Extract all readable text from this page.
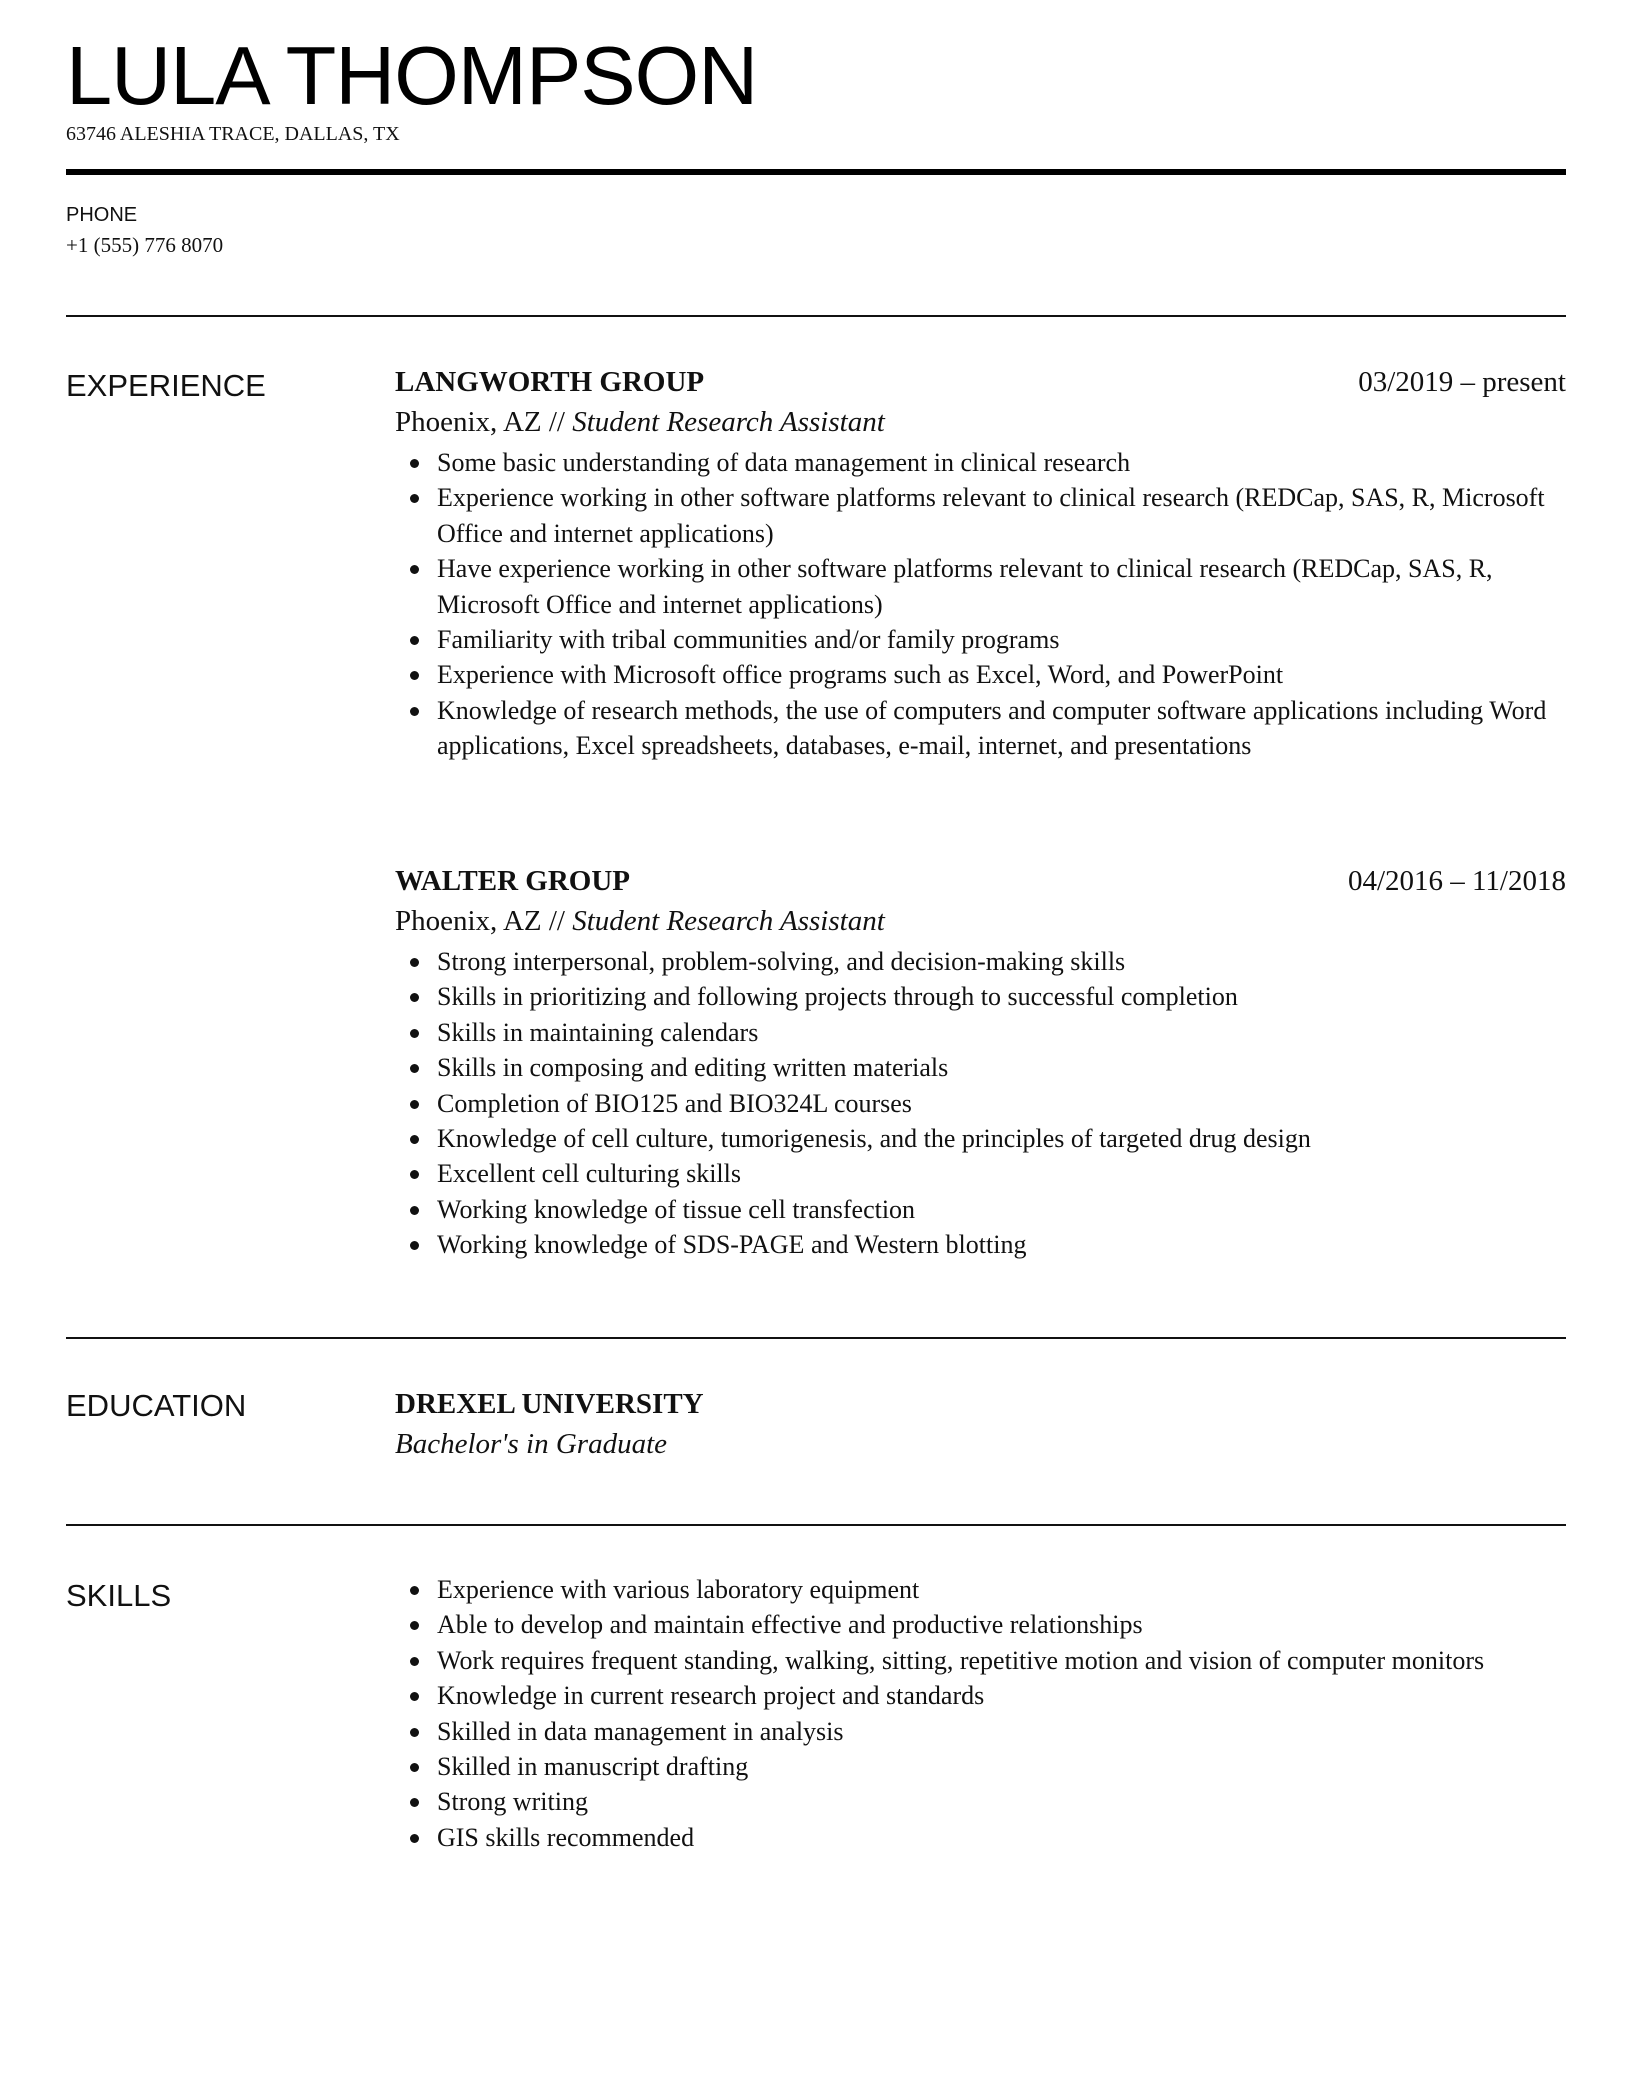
LULA THOMPSON
63746 ALESHIA TRACE, DALLAS, TX
PHONE
+1 (555) 776 8070
EXPERIENCE	LANGWORTH GROUP	03/2019 – present
Phoenix, AZ // Student Research Assistant
Some basic understanding of data management in clinical research
Experience working in other software platforms relevant to clinical research (REDCap, SAS, R, Microsoft Office and internet applications)
Have experience working in other software platforms relevant to clinical research (REDCap, SAS, R, Microsoft Office and internet applications)
Familiarity with tribal communities and/or family programs
Experience with Microsoft office programs such as Excel, Word, and PowerPoint
Knowledge of research methods, the use of computers and computer software applications including Word applications, Excel spreadsheets, databases, e-mail, internet, and presentations
WALTER GROUP	04/2016 – 11/2018
Phoenix, AZ // Student Research Assistant
Strong interpersonal, problem-solving, and decision-making skills
Skills in prioritizing and following projects through to successful completion
Skills in maintaining calendars
Skills in composing and editing written materials
Completion of BIO125 and BIO324L courses
Knowledge of cell culture, tumorigenesis, and the principles of targeted drug design
Excellent cell culturing skills
Working knowledge of tissue cell transfection
Working knowledge of SDS-PAGE and Western blotting
EDUCATION	DREXEL UNIVERSITY
Bachelor's in Graduate
SKILLS	Experience with various laboratory equipment
Able to develop and maintain effective and productive relationships
Work requires frequent standing, walking, sitting, repetitive motion and vision of computer monitors
Knowledge in current research project and standards
Skilled in data management in analysis
Skilled in manuscript drafting
Strong writing
GIS skills recommended
